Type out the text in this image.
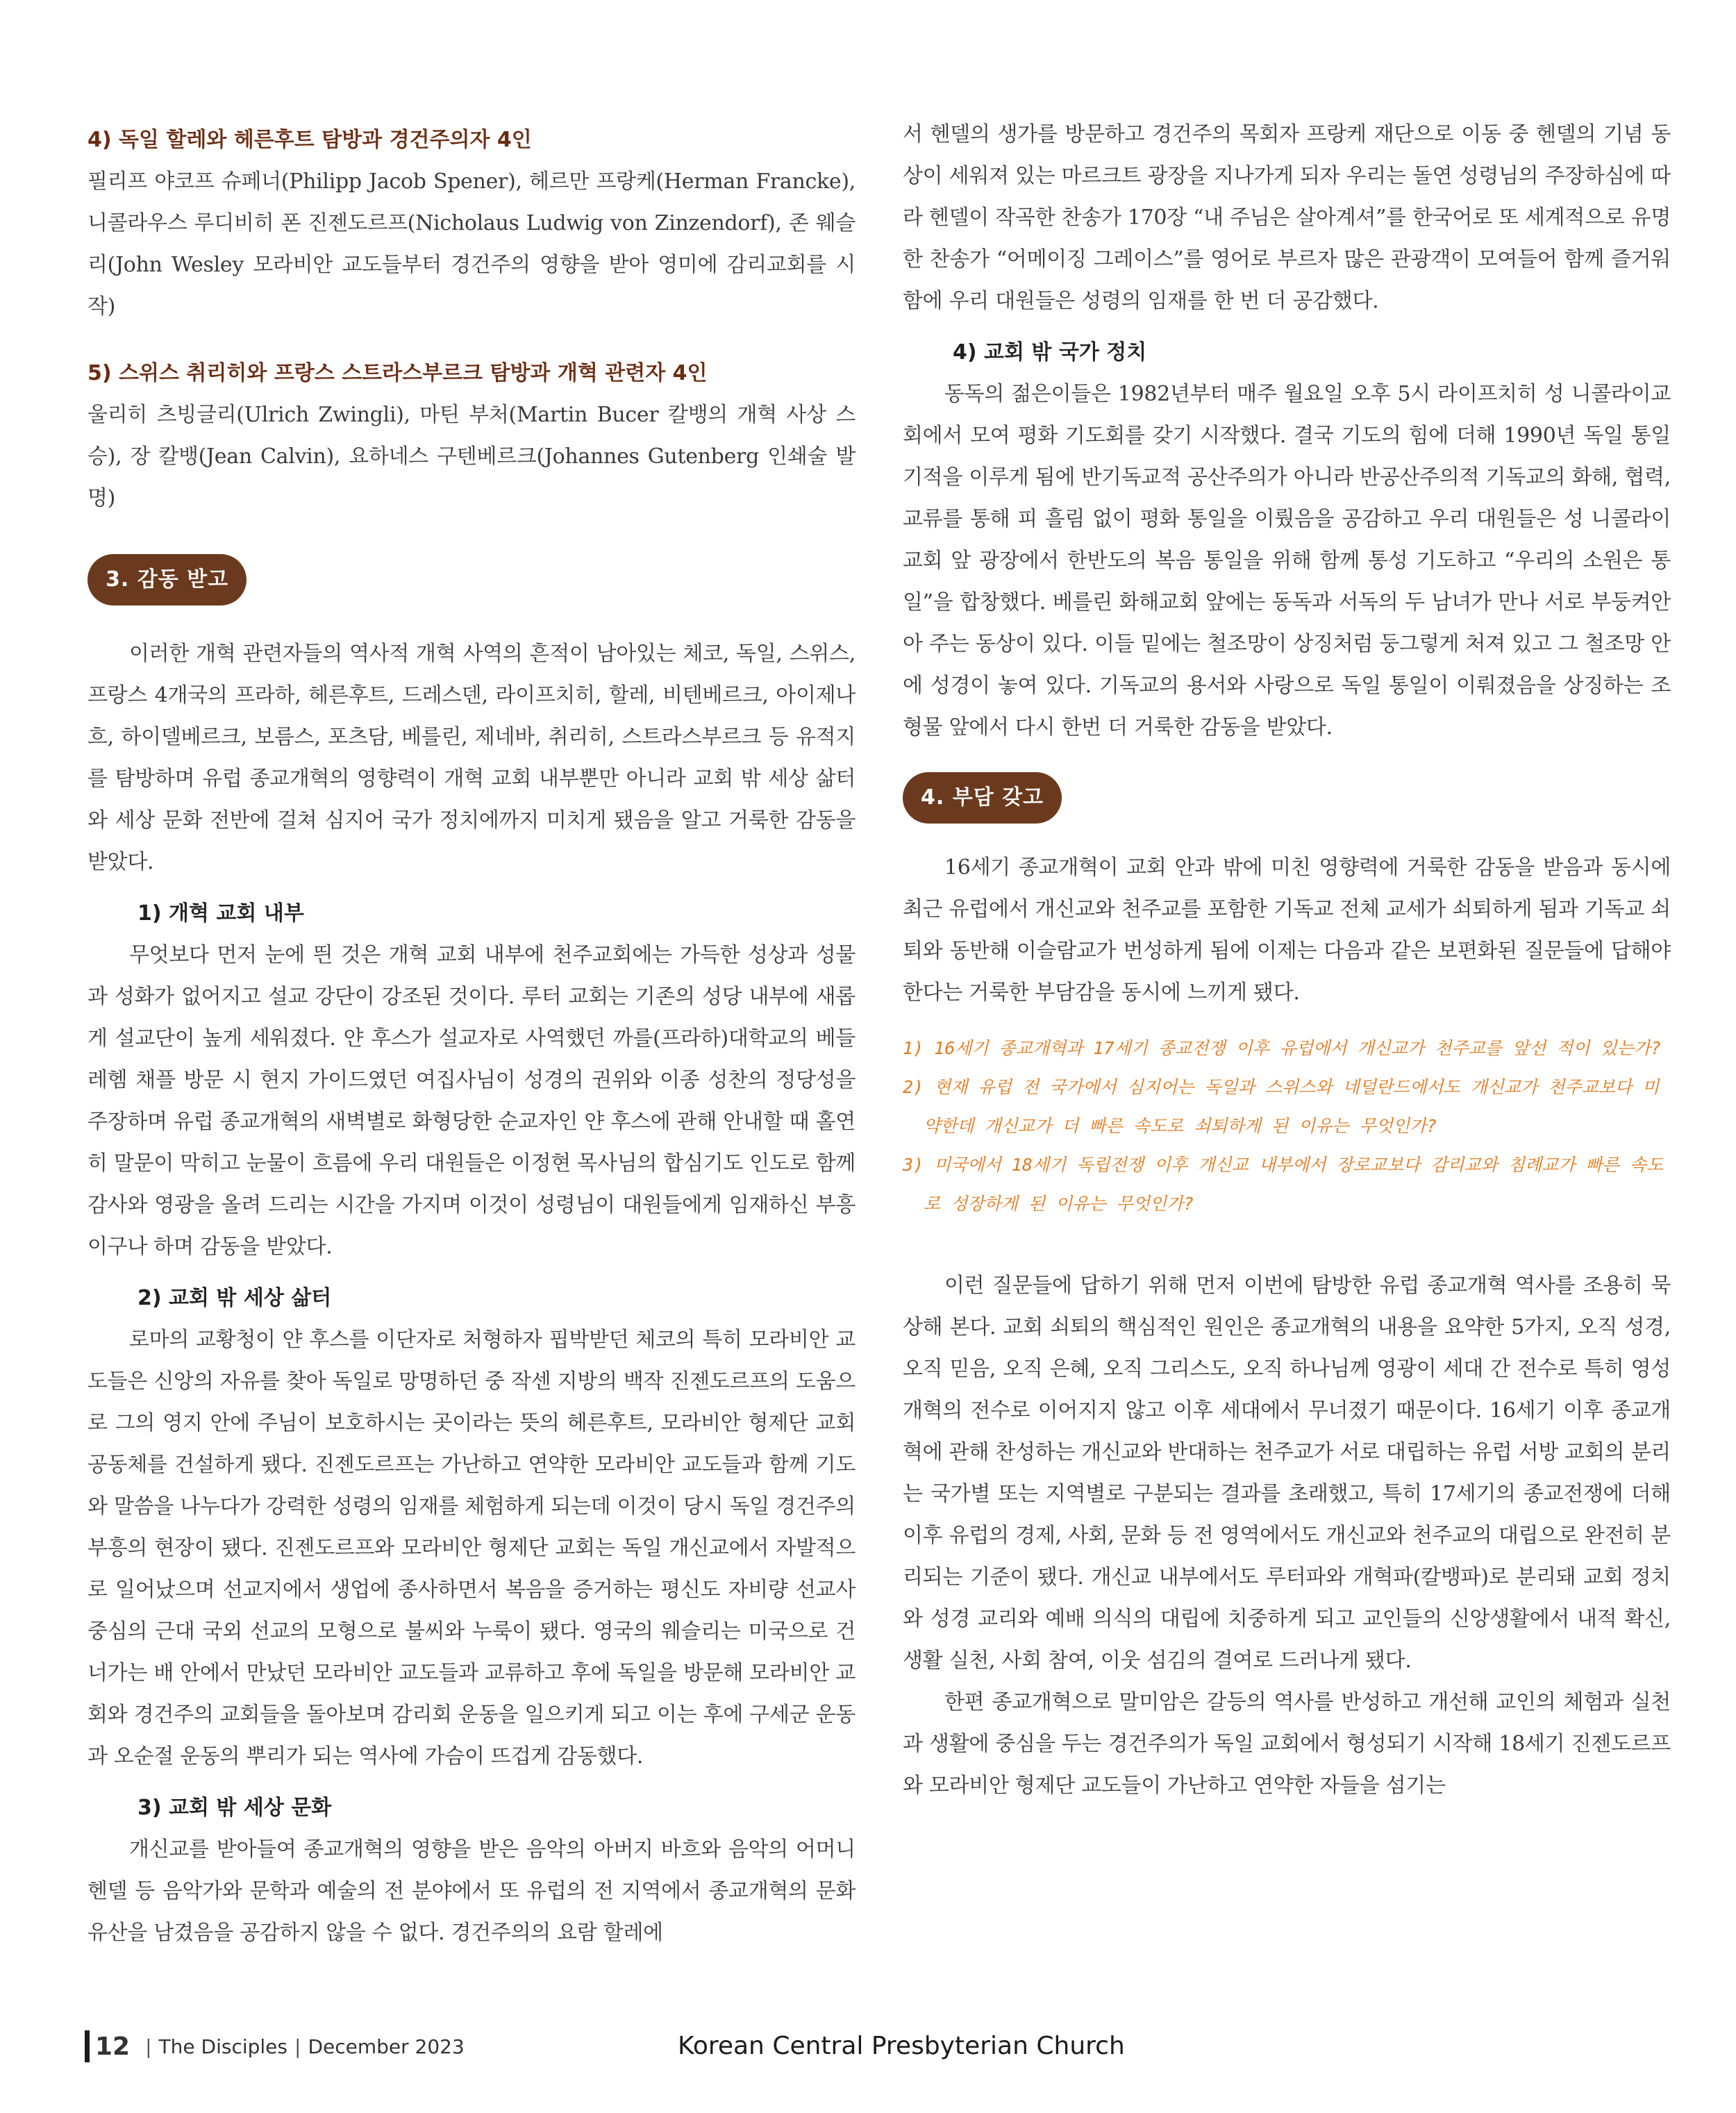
4) 독일 할레와 헤른후트 탐방과 경건주의자 4인

필리프 야코프 슈페너(Philipp Jacob Spener), 헤르만 프랑케(Herman Francke), 니콜라우스 루디비히 폰 진젠도르프(Nicholaus Ludwig von Zinzendorf), 존 웨슬리(John Wesley 모라비안 교도들부터 경건주의 영향을 받아 영미에 감리교회를 시작)

5) 스위스 취리히와 프랑스 스트라스부르크 탐방과 개혁 관련자 4인

울리히 츠빙글리(Ulrich Zwingli), 마틴 부처(Martin Bucer 칼뱅의 개혁 사상 스승), 장 칼뱅(Jean Calvin), 요하네스 구텐베르크(Johannes Gutenberg 인쇄술 발명)

3. 감동 받고

이러한 개혁 관련자들의 역사적 개혁 사역의 흔적이 남아있는 체코, 독일, 스위스, 프랑스 4개국의 프라하, 헤른후트, 드레스덴, 라이프치히, 할레, 비텐베르크, 아이제나흐, 하이델베르크, 보름스, 포츠담, 베를린, 제네바, 취리히, 스트라스부르크 등 유적지를 탐방하며 유럽 종교개혁의 영향력이 개혁 교회 내부뿐만 아니라 교회 밖 세상 삶터와 세상 문화 전반에 걸쳐 심지어 국가 정치에까지 미치게 됐음을 알고 거룩한 감동을 받았다.

1) 개혁 교회 내부

무엇보다 먼저 눈에 띈 것은 개혁 교회 내부에 천주교회에는 가득한 성상과 성물과 성화가 없어지고 설교 강단이 강조된 것이다. 루터 교회는 기존의 성당 내부에 새롭게 설교단이 높게 세워졌다. 얀 후스가 설교자로 사역했던 까를(프라하)대학교의 베들레헴 채플 방문 시 현지 가이드였던 여집사님이 성경의 권위와 이종 성찬의 정당성을 주장하며 유럽 종교개혁의 새벽별로 화형당한 순교자인 얀 후스에 관해 안내할 때 홀연히 말문이 막히고 눈물이 흐름에 우리 대원들은 이정현 목사님의 합심기도 인도로 함께 감사와 영광을 올려 드리는 시간을 가지며 이것이 성령님이 대원들에게 임재하신 부흥이구나 하며 감동을 받았다.

2) 교회 밖 세상 삶터

로마의 교황청이 얀 후스를 이단자로 처형하자 핍박받던 체코의 특히 모라비안 교도들은 신앙의 자유를 찾아 독일로 망명하던 중 작센 지방의 백작 진젠도르프의 도움으로 그의 영지 안에 주님이 보호하시는 곳이라는 뜻의 헤른후트, 모라비안 형제단 교회 공동체를 건설하게 됐다. 진젠도르프는 가난하고 연약한 모라비안 교도들과 함께 기도와 말씀을 나누다가 강력한 성령의 임재를 체험하게 되는데 이것이 당시 독일 경건주의 부흥의 현장이 됐다. 진젠도르프와 모라비안 형제단 교회는 독일 개신교에서 자발적으로 일어났으며 선교지에서 생업에 종사하면서 복음을 증거하는 평신도 자비량 선교사 중심의 근대 국외 선교의 모형으로 불씨와 누룩이 됐다. 영국의 웨슬리는 미국으로 건너가는 배 안에서 만났던 모라비안 교도들과 교류하고 후에 독일을 방문해 모라비안 교회와 경건주의 교회들을 돌아보며 감리회 운동을 일으키게 되고 이는 후에 구세군 운동과 오순절 운동의 뿌리가 되는 역사에 가슴이 뜨겁게 감동했다.

3) 교회 밖 세상 문화

개신교를 받아들여 종교개혁의 영향을 받은 음악의 아버지 바흐와 음악의 어머니 헨델 등 음악가와 문학과 예술의 전 분야에서 또 유럽의 전 지역에서 종교개혁의 문화유산을 남겼음을 공감하지 않을 수 없다. 경건주의의 요람 할레에

서 헨델의 생가를 방문하고 경건주의 목회자 프랑케 재단으로 이동 중 헨델의 기념 동상이 세워져 있는 마르크트 광장을 지나가게 되자 우리는 돌연 성령님의 주장하심에 따라 헨델이 작곡한 찬송가 170장 “내 주님은 살아계셔”를 한국어로 또 세계적으로 유명한 찬송가 “어메이징 그레이스”를 영어로 부르자 많은 관광객이 모여들어 함께 즐거워함에 우리 대원들은 성령의 임재를 한 번 더 공감했다.

4) 교회 밖 국가 정치

동독의 젊은이들은 1982년부터 매주 월요일 오후 5시 라이프치히 성 니콜라이교회에서 모여 평화 기도회를 갖기 시작했다. 결국 기도의 힘에 더해 1990년 독일 통일 기적을 이루게 됨에 반기독교적 공산주의가 아니라 반공산주의적 기독교의 화해, 협력, 교류를 통해 피 흘림 없이 평화 통일을 이뤘음을 공감하고 우리 대원들은 성 니콜라이교회 앞 광장에서 한반도의 복음 통일을 위해 함께 통성 기도하고 “우리의 소원은 통일”을 합창했다. 베를린 화해교회 앞에는 동독과 서독의 두 남녀가 만나 서로 부둥켜안아 주는 동상이 있다. 이들 밑에는 철조망이 상징처럼 둥그렇게 처져 있고 그 철조망 안에 성경이 놓여 있다. 기독교의 용서와 사랑으로 독일 통일이 이뤄졌음을 상징하는 조형물 앞에서 다시 한번 더 거룩한 감동을 받았다.

4. 부담 갖고

16세기 종교개혁이 교회 안과 밖에 미친 영향력에 거룩한 감동을 받음과 동시에 최근 유럽에서 개신교와 천주교를 포함한 기독교 전체 교세가 쇠퇴하게 됨과 기독교 쇠퇴와 동반해 이슬람교가 번성하게 됨에 이제는 다음과 같은 보편화된 질문들에 답해야 한다는 거룩한 부담감을 동시에 느끼게 됐다.

1) 16세기 종교개혁과 17세기 종교전쟁 이후 유럽에서 개신교가 천주교를 앞선 적이 있는가?

2) 현재 유럽 전 국가에서 심지어는 독일과 스위스와 네덜란드에서도 개신교가 천주교보다 미약한데 개신교가 더 빠른 속도로 쇠퇴하게 된 이유는 무엇인가?

3) 미국에서 18세기 독립전쟁 이후 개신교 내부에서 장로교보다 감리교와 침례교가 빠른 속도로 성장하게 된 이유는 무엇인가?

이런 질문들에 답하기 위해 먼저 이번에 탐방한 유럽 종교개혁 역사를 조용히 묵상해 본다. 교회 쇠퇴의 핵심적인 원인은 종교개혁의 내용을 요약한 5가지, 오직 성경, 오직 믿음, 오직 은혜, 오직 그리스도, 오직 하나님께 영광이 세대 간 전수로 특히 영성 개혁의 전수로 이어지지 않고 이후 세대에서 무너졌기 때문이다. 16세기 이후 종교개혁에 관해 찬성하는 개신교와 반대하는 천주교가 서로 대립하는 유럽 서방 교회의 분리는 국가별 또는 지역별로 구분되는 결과를 초래했고, 특히 17세기의 종교전쟁에 더해 이후 유럽의 경제, 사회, 문화 등 전 영역에서도 개신교와 천주교의 대립으로 완전히 분리되는 기준이 됐다. 개신교 내부에서도 루터파와 개혁파(칼뱅파)로 분리돼 교회 정치와 성경 교리와 예배 의식의 대립에 치중하게 되고 교인들의 신앙생활에서 내적 확신, 생활 실천, 사회 참여, 이웃 섬김의 결여로 드러나게 됐다.

한편 종교개혁으로 말미암은 갈등의 역사를 반성하고 개선해 교인의 체험과 실천과 생활에 중심을 두는 경건주의가 독일 교회에서 형성되기 시작해 18세기 진젠도르프와 모라비안 형제단 교도들이 가난하고 연약한 자들을 섬기는

12 | The Disciples | December 2023	Korean Central Presbyterian Church
